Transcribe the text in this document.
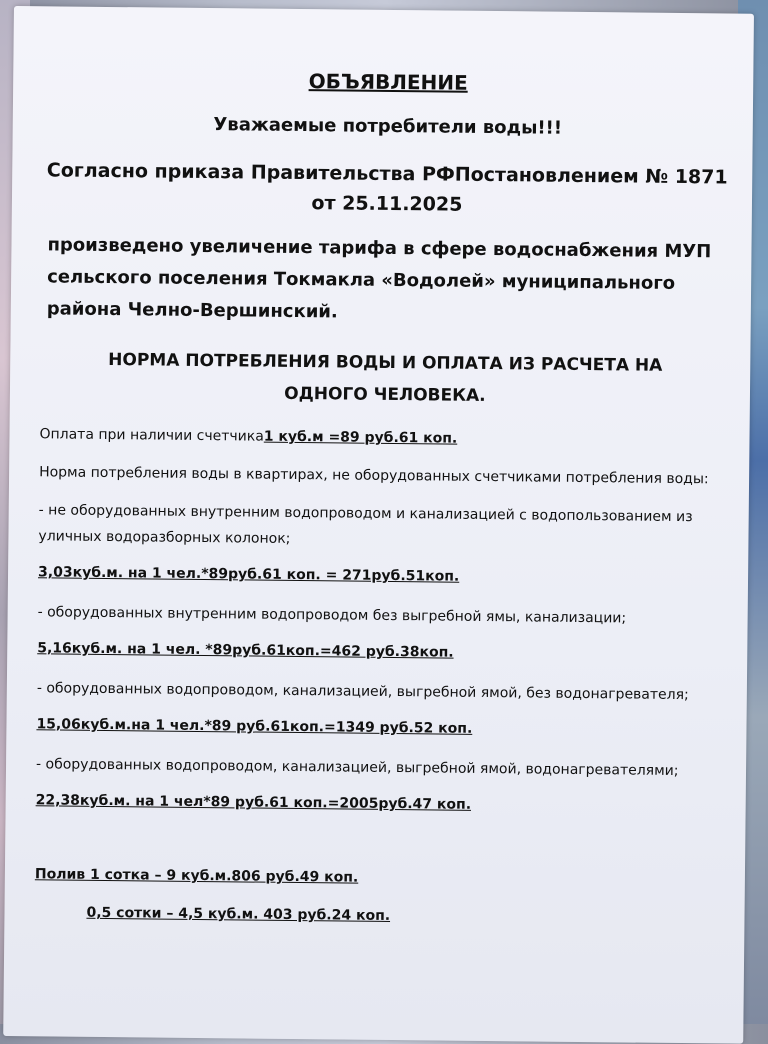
ОБЪЯВЛЕНИЕ
Уважаемые потребители воды!!!
Согласно приказа Правительства РФПостановлением № 1871
от 25.11.2025
произведено увеличение тарифа в сфере водоснабжения МУП сельского поселения Токмакла «Водолей» муниципального района Челно-Вершинский.
НОРМА ПОТРЕБЛЕНИЯ ВОДЫ И ОПЛАТА ИЗ РАСЧЕТА НА
ОДНОГО ЧЕЛОВЕКА.
Оплата при наличии счетчика1 куб.м =89 руб.61 коп.
Норма потребления воды в квартирах, не оборудованных счетчиками потребления воды:
- не оборудованных внутренним водопроводом и канализацией с водопользованием из уличных водоразборных колонок;
3,03куб.м. на 1 чел.*89руб.61 коп. = 271руб.51коп.
- оборудованных внутренним водопроводом без выгребной ямы, канализации;
5,16куб.м. на 1 чел. *89руб.61коп.=462 руб.38коп.
- оборудованных водопроводом, канализацией, выгребной ямой, без водонагревателя;
15,06куб.м.на 1 чел.*89 руб.61коп.=1349 руб.52 коп.
- оборудованных водопроводом, канализацией, выгребной ямой, водонагревателями;
22,38куб.м. на 1 чел*89 руб.61 коп.=2005руб.47 коп.
Полив 1 сотка – 9 куб.м.806 руб.49 коп.
0,5 сотки – 4,5 куб.м. 403 руб.24 коп.
